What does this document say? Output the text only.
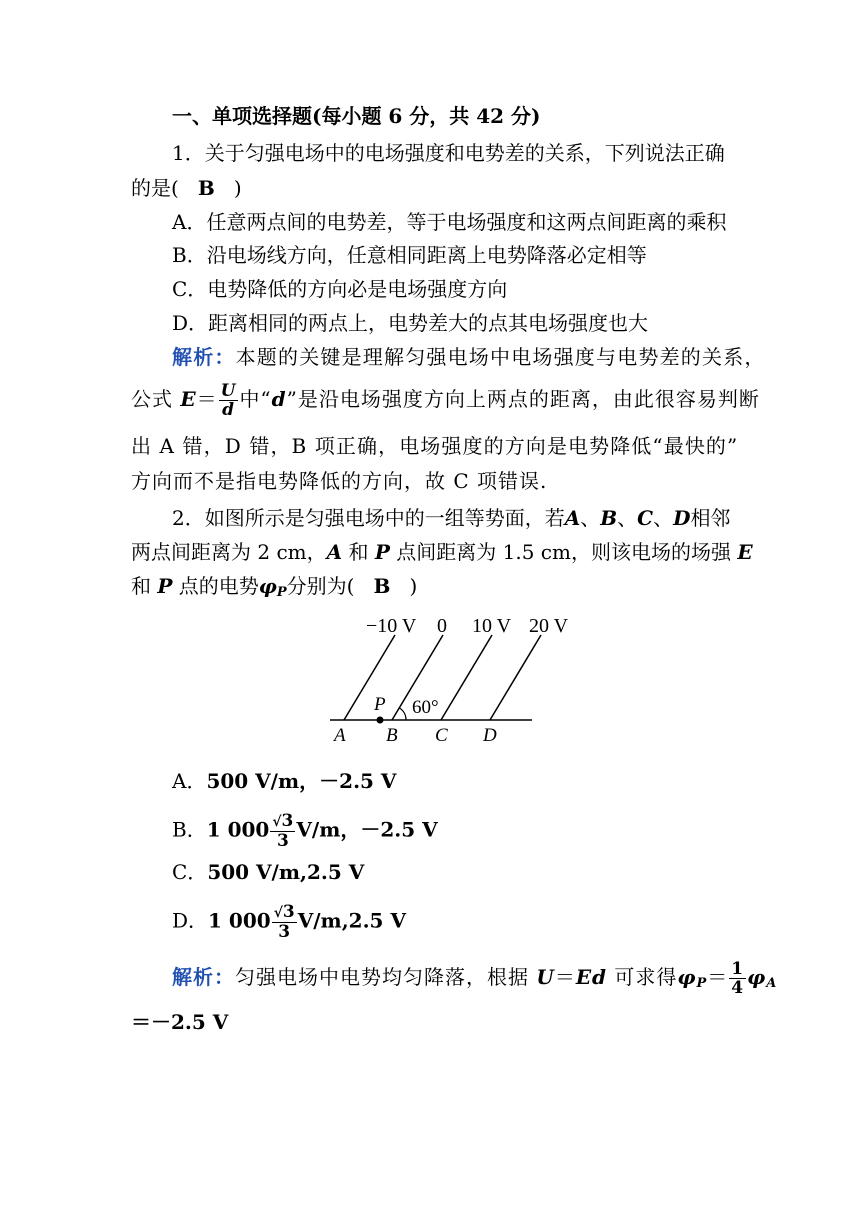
一、单项选择题(每小题 6 分，共 42 分)
1．关于匀强电场中的电场强度和电势差的关系，下列说法正确
的是( B )
A．任意两点间的电势差，等于电场强度和这两点间距离的乘积
B．沿电场线方向，任意相同距离上电势降落必定相等
C．电势降低的方向必是电场强度方向
D．距离相同的两点上，电势差大的点其电场强度也大
解析：本题的关键是理解匀强电场中电场强度与电势差的关系，
公式 $E= \frac{U}{d}$ 中“d”是沿电场强度方向上两点的距离，由此很容易判断
出 A 错，D 错，B 项正确，电场强度的方向是电势降低“最快的”
方向而不是指电势降低的方向，故 C 项错误.
2．如图所示是匀强电场中的一组等势面，若A、B、C、D相邻
两点间距离为 2 cm，A 和 P 点间距离为 1.5 cm，则该电场的场强 E
和 P 点的电势$\varphi_P$分别为( B )
−10 V 0 10 V 20 V
60°
P
A B C D
A．500 V/m，－2.5 V
B．1 $000 \frac{√3}{3} V/m$，－2.5 V
C．500 V/m,2.5 V
D．1 $000 \frac{√3}{3} V/m,2.5$ V
解析：匀强电场中电势均匀降落，根据 U＝Ed 可求得$\varphi_P= \frac{1}{4} \varphi_A$
＝－2.5 V
